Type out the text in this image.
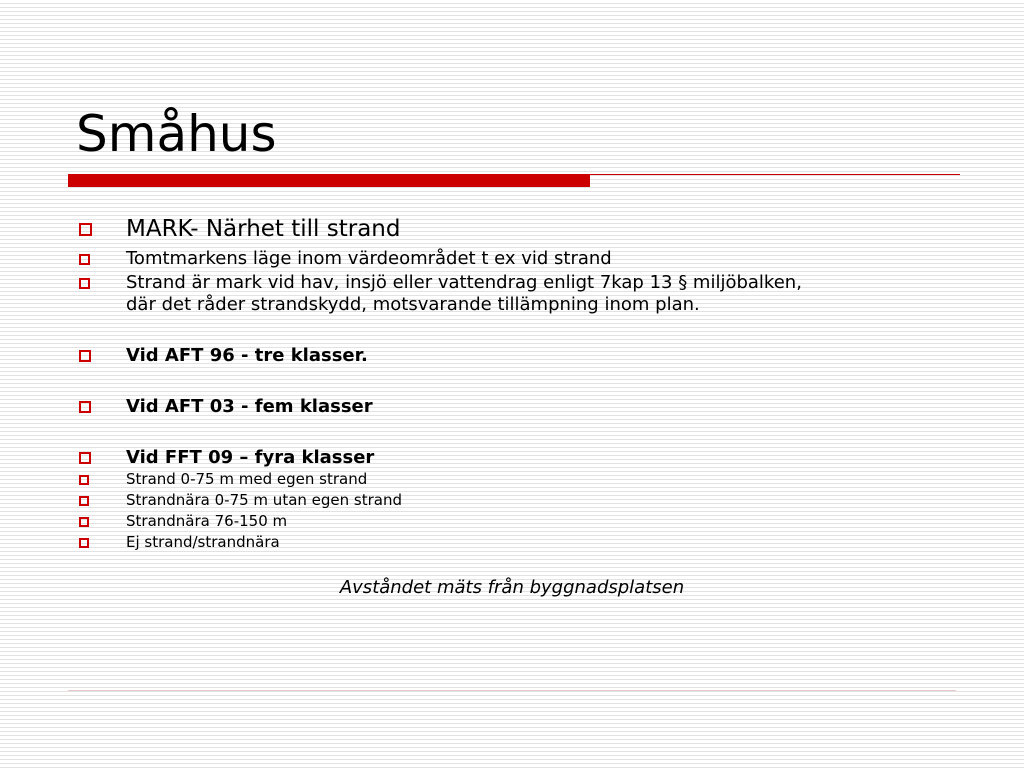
Småhus
MARK- Närhet till strand
Tomtmarkens läge inom värdeområdet t ex vid strand
Strand är mark vid hav, insjö eller vattendrag enligt 7kap 13 § miljöbalken,
där det råder strandskydd, motsvarande tillämpning inom plan.
Vid AFT 96 - tre klasser.
Vid AFT 03 - fem klasser
Vid FFT 09 – fyra klasser
Strand 0-75 m med egen strand
Strandnära 0-75 m utan egen strand
Strandnära 76-150 m
Ej strand/strandnära
Avståndet mäts från byggnadsplatsen
